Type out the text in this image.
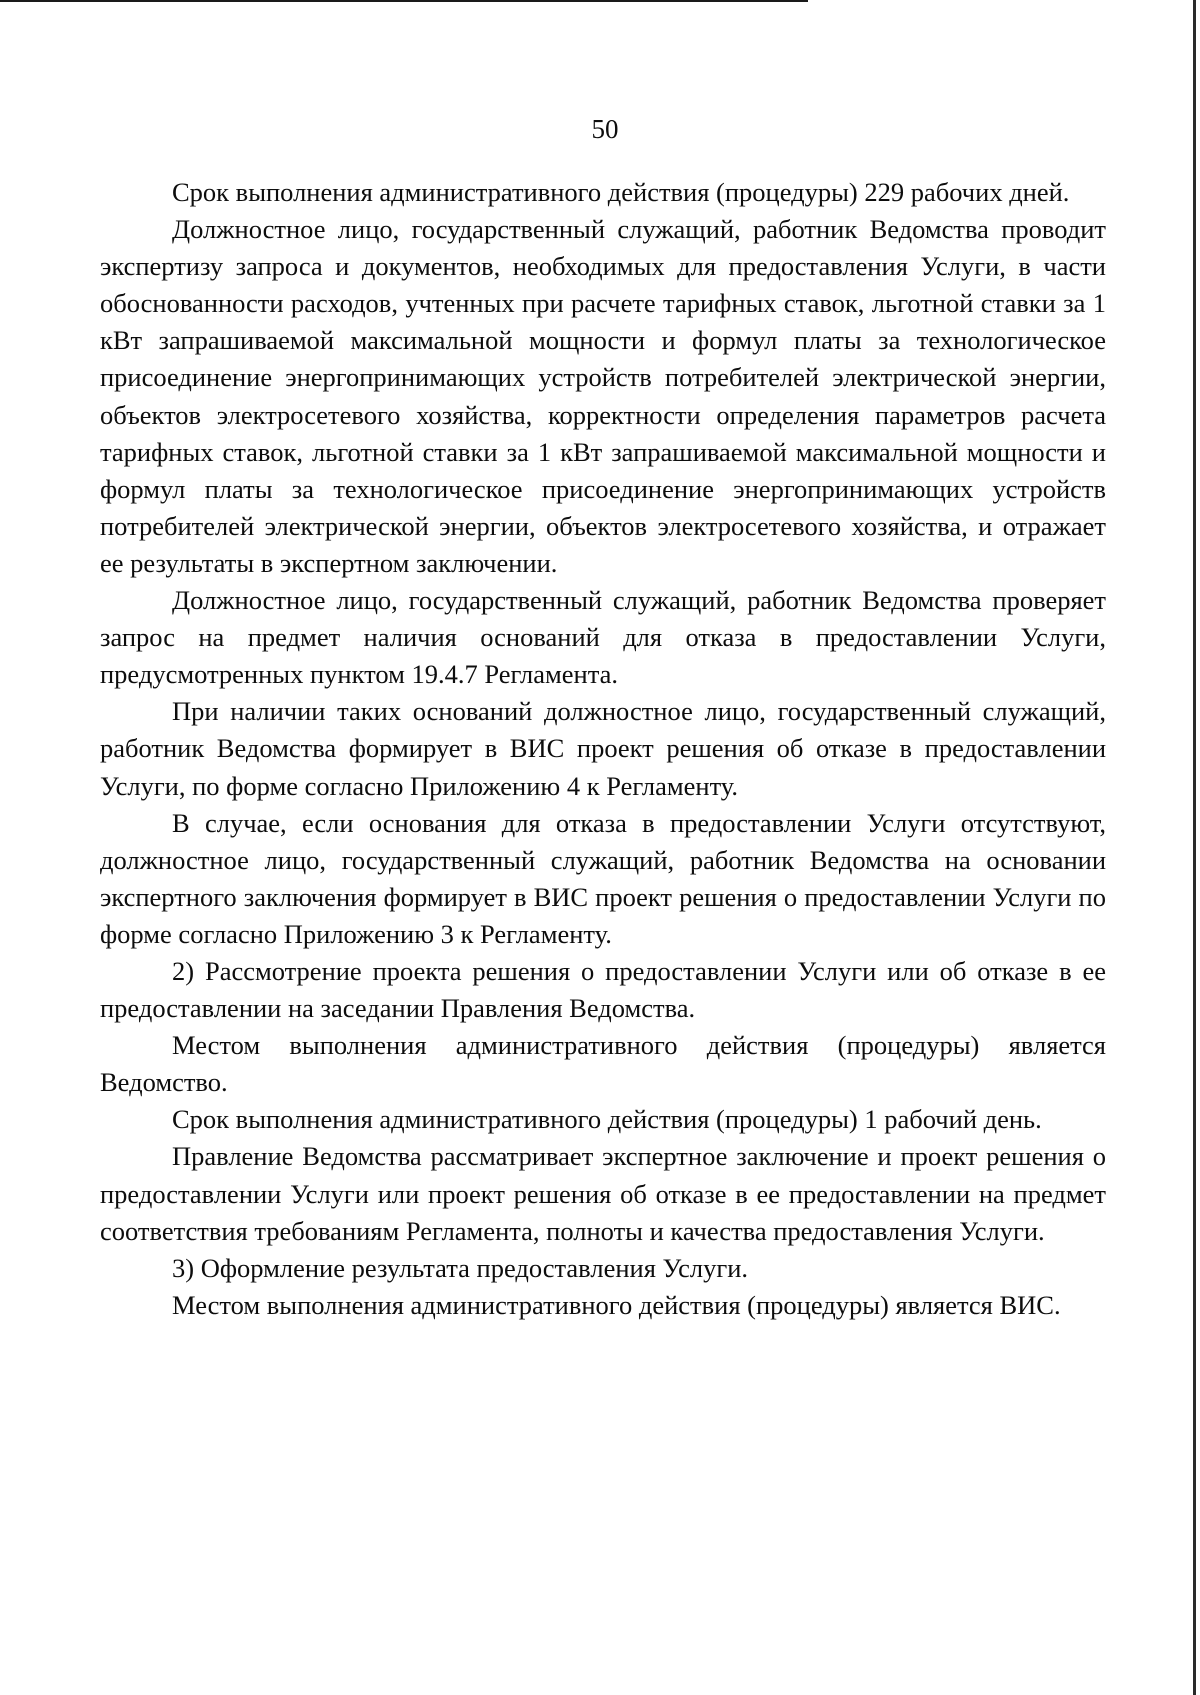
50

Срок выполнения административного действия (процедуры) 229 рабочих дней.

Должностное лицо, государственный служащий, работник Ведомства проводит экспертизу запроса и документов, необходимых для предоставления Услуги, в части обоснованности расходов, учтенных при расчете тарифных ставок, льготной ставки за 1 кВт запрашиваемой максимальной мощности и формул платы за технологическое присоединение энергопринимающих устройств потребителей электрической энергии, объектов электросетевого хозяйства, корректности определения параметров расчета тарифных ставок, льготной ставки за 1 кВт запрашиваемой максимальной мощности и формул платы за технологическое присоединение энергопринимающих устройств потребителей электрической энергии, объектов электросетевого хозяйства, и отражает ее результаты в экспертном заключении.

Должностное лицо, государственный служащий, работник Ведомства проверяет запрос на предмет наличия оснований для отказа в предоставлении Услуги, предусмотренных пунктом 19.4.7 Регламента.

При наличии таких оснований должностное лицо, государственный служащий, работник Ведомства формирует в ВИС проект решения об отказе в предоставлении Услуги, по форме согласно Приложению 4 к Регламенту.

В случае, если основания для отказа в предоставлении Услуги отсутствуют, должностное лицо, государственный служащий, работник Ведомства на основании экспертного заключения формирует в ВИС проект решения о предоставлении Услуги по форме согласно Приложению 3 к Регламенту.

2) Рассмотрение проекта решения о предоставлении Услуги или об отказе в ее предоставлении на заседании Правления Ведомства.

Местом выполнения административного действия (процедуры) является Ведомство.

Срок выполнения административного действия (процедуры) 1 рабочий день.

Правление Ведомства рассматривает экспертное заключение и проект решения о предоставлении Услуги или проект решения об отказе в ее предоставлении на предмет соответствия требованиям Регламента, полноты и качества предоставления Услуги.

3) Оформление результата предоставления Услуги.

Местом выполнения административного действия (процедуры) является ВИС.
